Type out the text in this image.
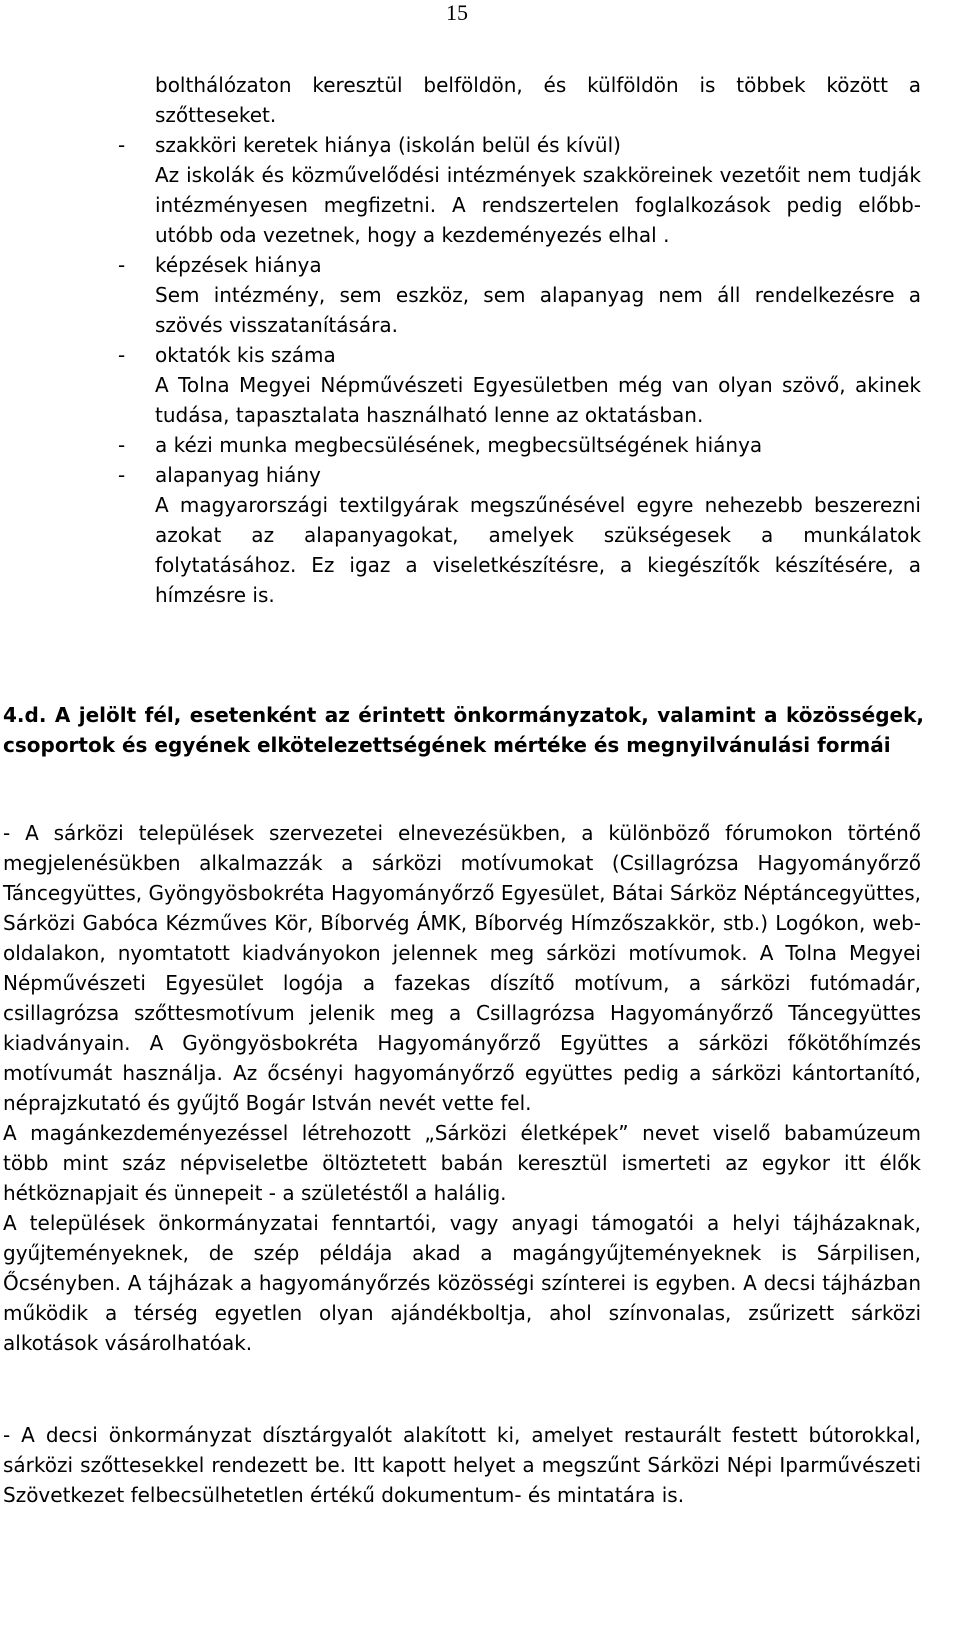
15

bolthálózaton keresztül belföldön, és külföldön is többek között a szőtteseket.

-	szakköri keretek hiánya (iskolán belül és kívül)

Az iskolák és közművelődési intézmények szakköreinek vezetőit nem tudják intézményesen megfizetni. A rendszertelen foglalkozások pedig előbb-utóbb oda vezetnek, hogy a kezdeményezés elhal .

-	képzések hiánya

Sem intézmény, sem eszköz, sem alapanyag nem áll rendelkezésre a szövés visszatanítására.

-	oktatók kis száma

A Tolna Megyei Népművészeti Egyesületben még van olyan szövő, akinek tudása, tapasztalata használható lenne az oktatásban.

-	a kézi munka megbecsülésének, megbecsültségének hiánya
-	alapanyag hiány

A magyarországi textilgyárak megszűnésével egyre nehezebb beszerezni azokat az alapanyagokat, amelyek szükségesek a munkálatok folytatásához. Ez igaz a viseletkészítésre, a kiegészítők készítésére, a hímzésre is.

4.d. A jelölt fél, esetenként az érintett önkormányzatok, valamint a közösségek, csoportok és egyének elkötelezettségének mértéke és megnyilvánulási formái

- A sárközi települések szervezetei elnevezésükben, a különböző fórumokon történő megjelenésükben alkalmazzák a sárközi motívumokat (Csillagrózsa Hagyományőrző Táncegyüttes, Gyöngyösbokréta Hagyományőrző Egyesület, Bátai Sárköz Néptáncegyüttes, Sárközi Gabóca Kézműves Kör, Bíborvég ÁMK, Bíborvég Hímzőszakkör, stb.) Logókon, web-oldalakon, nyomtatott kiadványokon jelennek meg sárközi motívumok. A Tolna Megyei Népművészeti Egyesület logója a fazekas díszítő motívum, a sárközi futómadár, csillagrózsa szőttesmotívum jelenik meg a Csillagrózsa Hagyományőrző Táncegyüttes kiadványain. A Gyöngyösbokréta Hagyományőrző Együttes a sárközi főkötőhímzés motívumát használja. Az őcsényi hagyományőrző együttes pedig a sárközi kántortanító, néprajzkutató és gyűjtő Bogár István nevét vette fel.

A magánkezdeményezéssel létrehozott „Sárközi életképek” nevet viselő babamúzeum több mint száz népviseletbe öltöztetett babán keresztül ismerteti az egykor itt élők hétköznapjait és ünnepeit - a születéstől a halálig.

A települések önkormányzatai fenntartói, vagy anyagi támogatói a helyi tájházaknak, gyűjteményeknek, de szép példája akad a magángyűjteményeknek is Sárpilisen, Őcsényben. A tájházak a hagyományőrzés közösségi színterei is egyben. A decsi tájházban működik a térség egyetlen olyan ajándékboltja, ahol színvonalas, zsűrizett sárközi alkotások vásárolhatóak.

- A decsi önkormányzat dísztárgyalót alakított ki, amelyet restaurált festett bútorokkal, sárközi szőttesekkel rendezett be. Itt kapott helyet a megszűnt Sárközi Népi Iparművészeti Szövetkezet felbecsülhetetlen értékű dokumentum- és mintatára is.
